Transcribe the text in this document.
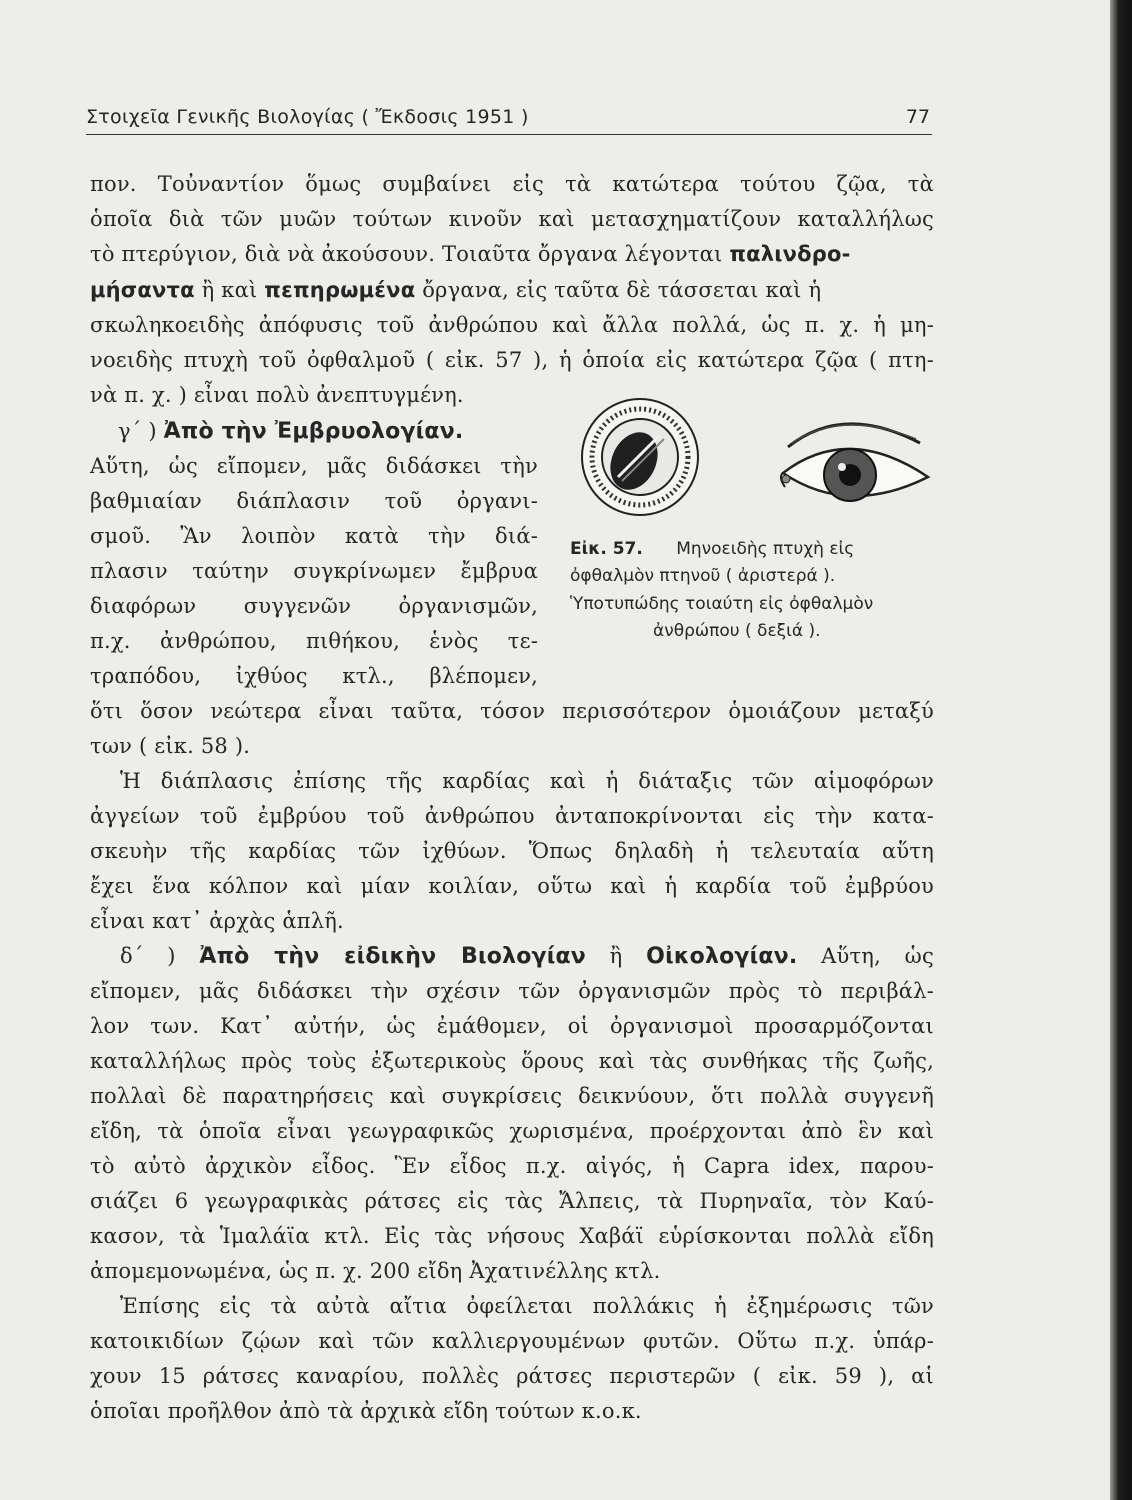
Στοιχεῖα Γενικῆς Βιολογίας ( Ἔκδοσις 1951 )	77
πον. Τοὐναντίον ὅμως συμβαίνει εἰς τὰ κατώτερα τούτου ζῷα, τὰ
ὁποῖα διὰ τῶν μυῶν τούτων κινοῦν καὶ μετασχηματίζουν καταλλήλως
τὸ πτερύγιον, διὰ νὰ ἀκούσουν. Τοιαῦτα ὄργανα λέγονται παλινδρο-
μήσαντα ἢ καὶ πεπηρωμένα ὄργανα, εἰς ταῦτα δὲ τάσσεται καὶ ἡ
σκωληκοειδὴς ἀπόφυσις τοῦ ἀνθρώπου καὶ ἄλλα πολλά, ὡς π. χ. ἡ μη-
νοειδὴς πτυχὴ τοῦ ὀφθαλμοῦ ( εἰκ. 57 ), ἡ ὁποία εἰς κατώτερα ζῷα ( πτη-
νὰ π. χ. ) εἶναι πολὺ ἀνεπτυγμένη.
γ΄ ) Ἀπὸ τὴν Ἐμβρυολογίαν.
Αὕτη, ὡς εἴπομεν, μᾶς διδάσκει τὴν
βαθμιαίαν διάπλασιν τοῦ ὀργανι-
σμοῦ. Ἂν λοιπὸν κατὰ τὴν διά-
πλασιν ταύτην συγκρίνωμεν ἔμβρυα
διαφόρων συγγενῶν ὀργανισμῶν,
π.χ. ἀνθρώπου, πιθήκου, ἑνὸς τε-
τραπόδου, ἰχθύος κτλ., βλέπομεν,
ὅτι ὅσον νεώτερα εἶναι ταῦτα, τόσον περισσότερον ὁμοιάζουν μεταξύ
των ( εἰκ. 58 ).
Εἰκ. 57. Μηνοειδὴς πτυχὴ εἰς
ὀφθαλμὸν πτηνοῦ ( ἀριστερά ).
Ὑποτυπώδης τοιαύτη εἰς ὀφθαλμὸν
ἀνθρώπου ( δεξιά ).
Ἡ διάπλασις ἐπίσης τῆς καρδίας καὶ ἡ διάταξις τῶν αἱμοφόρων
ἀγγείων τοῦ ἐμβρύου τοῦ ἀνθρώπου ἀνταποκρίνονται εἰς τὴν κατα-
σκευὴν τῆς καρδίας τῶν ἰχθύων. Ὅπως δηλαδὴ ἡ τελευταία αὕτη
ἔχει ἕνα κόλπον καὶ μίαν κοιλίαν, οὕτω καὶ ἡ καρδία τοῦ ἐμβρύου
εἶναι κατ᾽ ἀρχὰς ἁπλῆ.
δ΄ ) Ἀπὸ τὴν εἰδικὴν Βιολογίαν ἢ Οἰκολογίαν. Αὕτη, ὡς
εἴπομεν, μᾶς διδάσκει τὴν σχέσιν τῶν ὀργανισμῶν πρὸς τὸ περιβάλ-
λον των. Κατ᾽ αὐτήν, ὡς ἐμάθομεν, οἱ ὀργανισμοὶ προσαρμόζονται
καταλλήλως πρὸς τοὺς ἐξωτερικοὺς ὅρους καὶ τὰς συνθήκας τῆς ζωῆς,
πολλαὶ δὲ παρατηρήσεις καὶ συγκρίσεις δεικνύουν, ὅτι πολλὰ συγγενῆ
εἴδη, τὰ ὁποῖα εἶναι γεωγραφικῶς χωρισμένα, προέρχονται ἀπὸ ἓν καὶ
τὸ αὐτὸ ἀρχικὸν εἶδος. Ἓν εἶδος π.χ. αἰγός, ἡ Capra idex, παρου-
σιάζει 6 γεωγραφικὰς ράτσες εἰς τὰς Ἄλπεις, τὰ Πυρηναῖα, τὸν Καύ-
κασον, τὰ Ἱμαλάϊα κτλ. Εἰς τὰς νήσους Χαβάϊ εὑρίσκονται πολλὰ εἴδη
ἀπομεμονωμένα, ὡς π. χ. 200 εἴδη Ἀχατινέλλης κτλ.
Ἐπίσης εἰς τὰ αὐτὰ αἴτια ὀφείλεται πολλάκις ἡ ἐξημέρωσις τῶν
κατοικιδίων ζῴων καὶ τῶν καλλιεργουμένων φυτῶν. Οὕτω π.χ. ὑπάρ-
χουν 15 ράτσες καναρίου, πολλὲς ράτσες περιστερῶν ( εἰκ. 59 ), αἱ
ὁποῖαι προῆλθον ἀπὸ τὰ ἀρχικὰ εἴδη τούτων κ.ο.κ.
